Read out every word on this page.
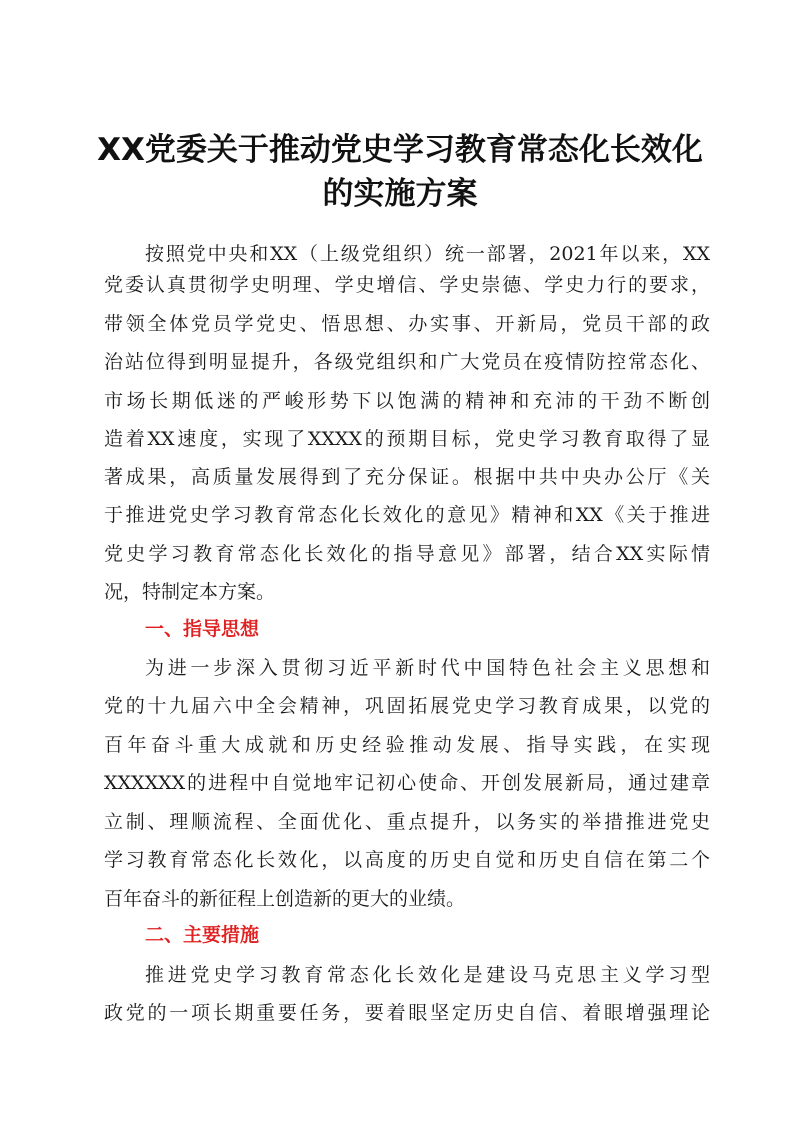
XX党委关于推动党史学习教育常态化长效化
的实施方案

按照党中央和XX（上级党组织）统一部署，2021年以来，XX

党委认真贯彻学史明理、学史增信、学史崇德、学史力行的要求，

带领全体党员学党史、悟思想、办实事、开新局，党员干部的政

治站位得到明显提升，各级党组织和广大党员在疫情防控常态化、

市场长期低迷的严峻形势下以饱满的精神和充沛的干劲不断创

造着XX速度，实现了XXXX的预期目标，党史学习教育取得了显

著成果，高质量发展得到了充分保证。根据中共中央办公厅《关

于推进党史学习教育常态化长效化的意见》精神和XX《关于推进

党史学习教育常态化长效化的指导意见》部署，结合XX实际情

况，特制定本方案。

一、指导思想

为进一步深入贯彻习近平新时代中国特色社会主义思想和

党的十九届六中全会精神，巩固拓展党史学习教育成果，以党的

百年奋斗重大成就和历史经验推动发展、指导实践，在实现

XXXXXX的进程中自觉地牢记初心使命、开创发展新局，通过建章

立制、理顺流程、全面优化、重点提升，以务实的举措推进党史

学习教育常态化长效化，以高度的历史自觉和历史自信在第二个

百年奋斗的新征程上创造新的更大的业绩。

二、主要措施

推进党史学习教育常态化长效化是建设马克思主义学习型

政党的一项长期重要任务，要着眼坚定历史自信、着眼增强理论
